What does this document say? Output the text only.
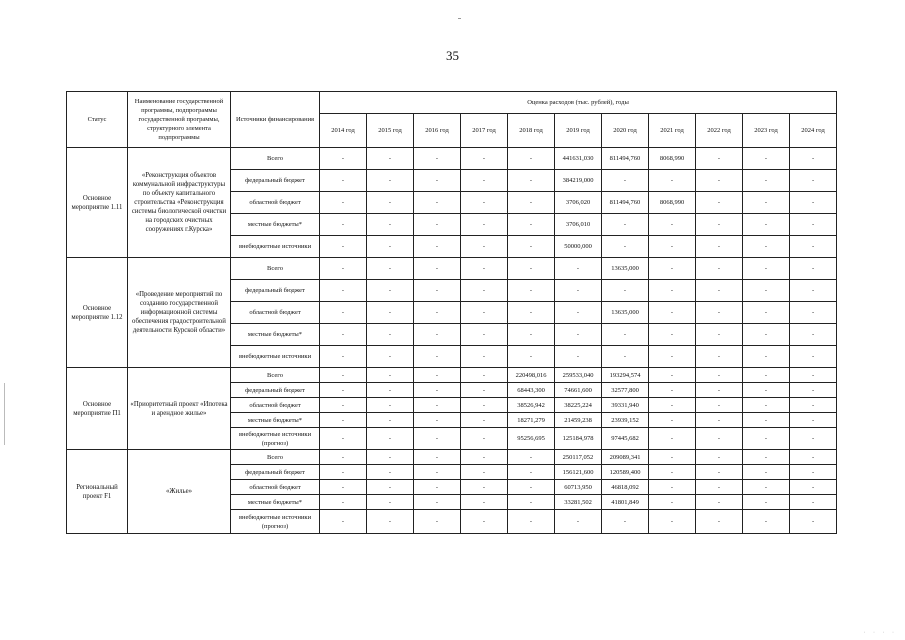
35
Статус	Наименование государственной программы, подпрограммы государственной программы, структурного элемента подпрограммы	Источники финансирования	Оценка расходов (тыс. рублей), годы										
			2014 год	2015 год	2016 год	2017 год	2018 год	2019 год	2020 год	2021 год	2022 год	2023 год	2024 год
Основное мероприятие 1.11	«Реконструкция объектов коммунальной инфраструктуры по объекту капитального строительства «Реконструкция системы биологической очистки на городских очистных сооружениях г.Курска»	Всего	-	-	-	-	-	441631,030	811494,760	8068,990	-	-	-
		федеральный бюджет	-	-	-	-	-	384219,000	-	-	-	-	-
		областной бюджет	-	-	-	-	-	3706,020	811494,760	8068,990	-	-	-
		местные бюджеты*	-	-	-	-	-	3706,010	-	-	-	-	-
		внебюджетные источники	-	-	-	-	-	50000,000	-	-	-	-	-
Основное мероприятие 1.12	«Проведение мероприятий по созданию государственной информационной системы обеспечения градостроительной деятельности Курской области»	Всего	-	-	-	-	-	-	13635,000	-	-	-	-
		федеральный бюджет	-	-	-	-	-	-	-	-	-	-	-
		областной бюджет	-	-	-	-	-	-	13635,000	-	-	-	-
		местные бюджеты*	-	-	-	-	-	-	-	-	-	-	-
		внебюджетные источники	-	-	-	-	-	-	-	-	-	-	-
Основное мероприятие П1	«Приоритетный проект «Ипотека и арендное жилье»	Всего	-	-	-	-	220498,016	259533,040	193294,574	-	-	-	-
		федеральный бюджет	-	-	-	-	68443,300	74661,600	32577,800	-	-	-	-
		областной бюджет	-	-	-	-	38526,942	38225,224	39331,940	-	-	-	-
		местные бюджеты*	-	-	-	-	18271,279	21459,238	23939,152	-	-	-	-
		внебюджетные источники (прогноз)	-	-	-	-	95256,695	125184,978	97445,682	-	-	-	-
Региональный проект F1	«Жилье»	Всего	-	-	-	-	-	250117,052	209089,341	-	-	-	-
		федеральный бюджет	-	-	-	-	-	156121,600	120589,400	-	-	-	-
		областной бюджет	-	-	-	-	-	60713,950	46818,092	-	-	-	-
		местные бюджеты*	-	-	-	-	-	33281,502	41801,849	-	-	-	-
		внебюджетные источники (прогноз)	-	-	-	-	-	-	-	-	-	-	-
· · · ·
